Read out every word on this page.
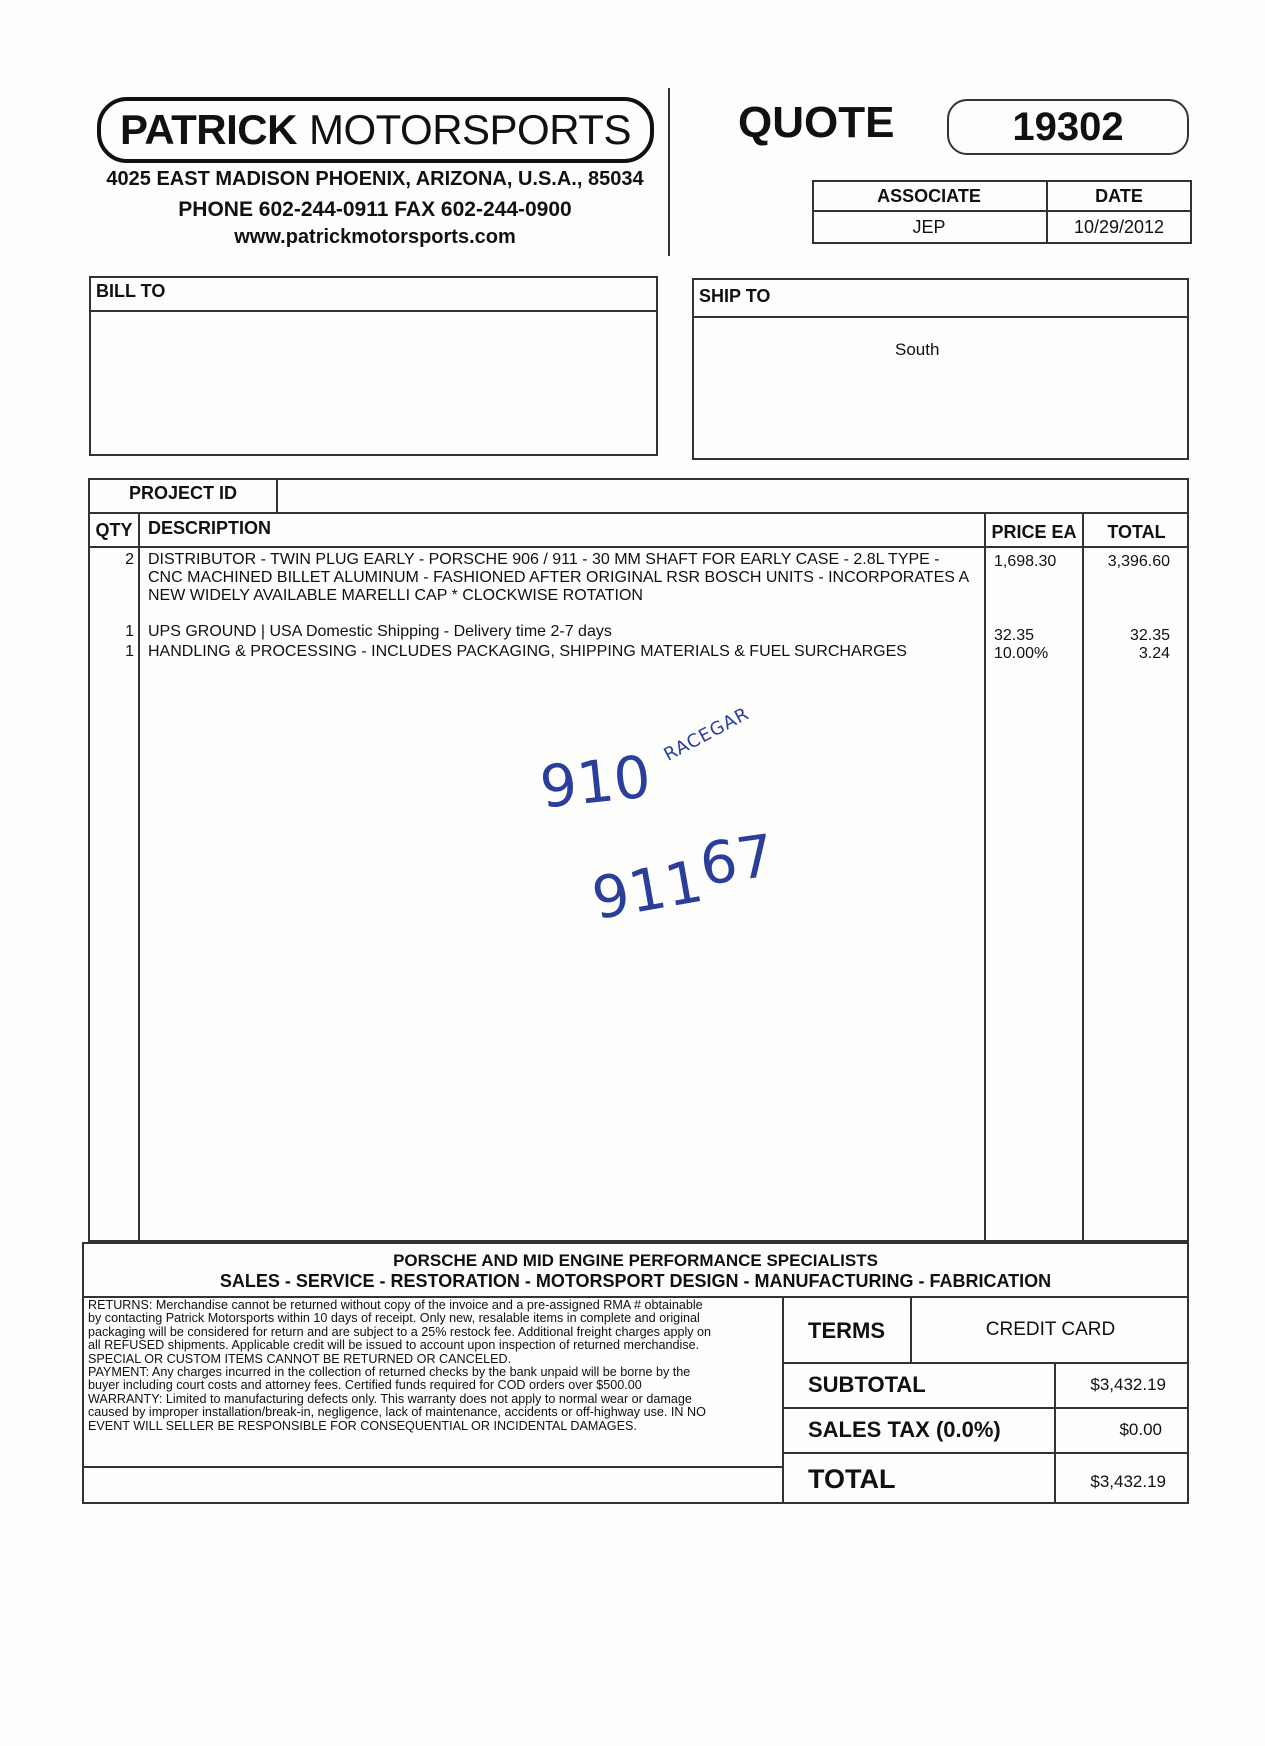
PATRICK MOTORSPORTS
4025 EAST MADISON PHOENIX, ARIZONA, U.S.A., 85034
PHONE 602-244-0911 FAX 602-244-0900
www.patrickmotorsports.com
QUOTE	19302
ASSOCIATE	DATE
JEP	10/29/2012
BILL TO	SHIP TO
South
PROJECT ID
QTY DESCRIPTION	PRICE EA	TOTAL
2 DISTRIBUTOR - TWIN PLUG EARLY - PORSCHE 906 / 911 - 30 MM SHAFT FOR EARLY CASE - 2.8L TYPE -
CNC MACHINED BILLET ALUMINUM - FASHIONED AFTER ORIGINAL RSR BOSCH UNITS - INCORPORATES A
NEW WIDELY AVAILABLE MARELLI CAP * CLOCKWISE ROTATION
1,698.30	3,396.60
1 UPS GROUND | USA Domestic Shipping - Delivery time 2-7 days	32.35	32.35
1 HANDLING & PROCESSING - INCLUDES PACKAGING, SHIPPING MATERIALS & FUEL SURCHARGES	10.00%	3.24
910
RACEGAR
911
67
PORSCHE AND MID ENGINE PERFORMANCE SPECIALISTS
SALES - SERVICE - RESTORATION - MOTORSPORT DESIGN - MANUFACTURING - FABRICATION
RETURNS: Merchandise cannot be returned without copy of the invoice and a pre-assigned RMA # obtainable
by contacting Patrick Motorsports within 10 days of receipt. Only new, resalable items in complete and original
packaging will be considered for return and are subject to a 25% restock fee. Additional freight charges apply on
all REFUSED shipments. Applicable credit will be issued to account upon inspection of returned merchandise.
SPECIAL OR CUSTOM ITEMS CANNOT BE RETURNED OR CANCELED.
PAYMENT: Any charges incurred in the collection of returned checks by the bank unpaid will be borne by the
buyer including court costs and attorney fees. Certified funds required for COD orders over $500.00
WARRANTY: Limited to manufacturing defects only. This warranty does not apply to normal wear or damage
caused by improper installation/break-in, negligence, lack of maintenance, accidents or off-highway use. IN NO
EVENT WILL SELLER BE RESPONSIBLE FOR CONSEQUENTIAL OR INCIDENTAL DAMAGES.
TERMS	CREDIT CARD
SUBTOTAL	$3,432.19
SALES TAX (0.0%)	$0.00
TOTAL	$3,432.19
